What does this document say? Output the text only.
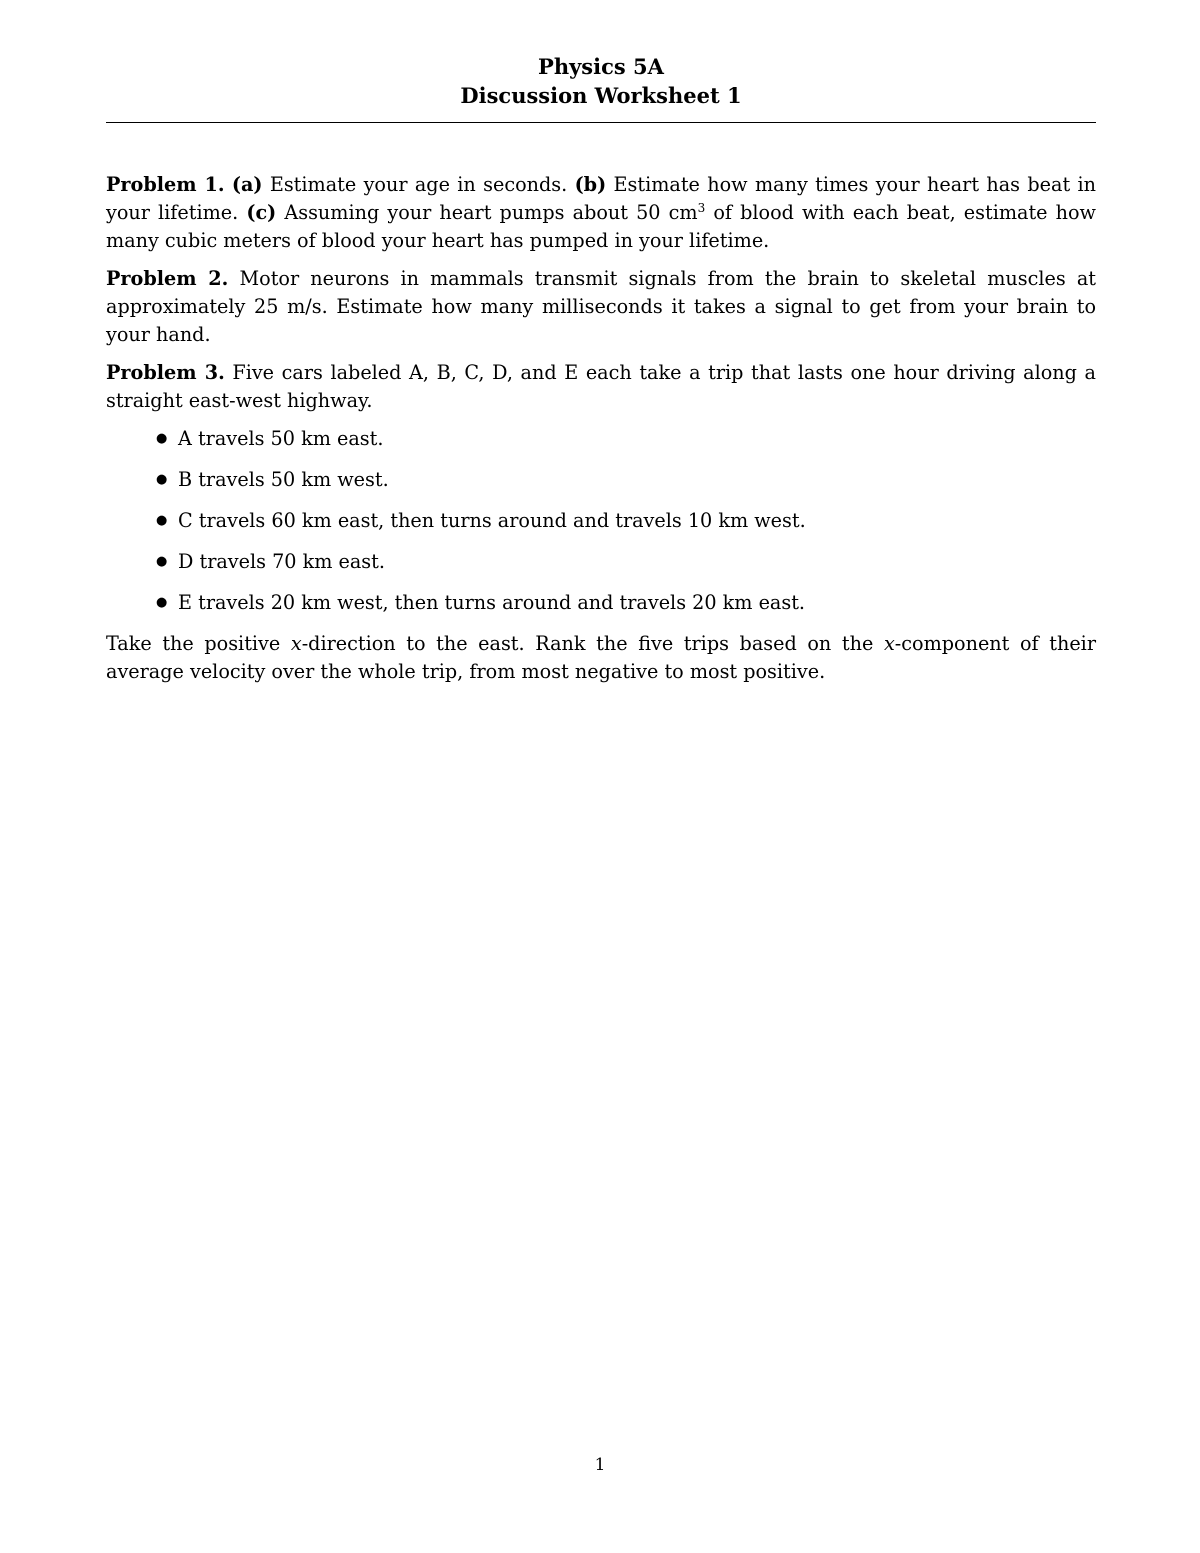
Physics 5A
Discussion Worksheet 1

Problem 1. (a) Estimate your age in seconds. (b) Estimate how many times your heart has beat in your lifetime. (c) Assuming your heart pumps about 50 $cm^3$ of blood with each beat, estimate how many cubic meters of blood your heart has pumped in your lifetime.

Problem 2. Motor neurons in mammals transmit signals from the brain to skeletal muscles at approximately 25 m/s. Estimate how many milliseconds it takes a signal to get from your brain to your hand.

Problem 3. Five cars labeled A, B, C, D, and E each take a trip that lasts one hour driving along a straight east-west highway.

● A travels 50 km east.
● B travels 50 km west.
● C travels 60 km east, then turns around and travels 10 km west.
● D travels 70 km east.
● E travels 20 km west, then turns around and travels 20 km east.

Take the positive x-direction to the east. Rank the five trips based on the x-component of their average velocity over the whole trip, from most negative to most positive.

1
